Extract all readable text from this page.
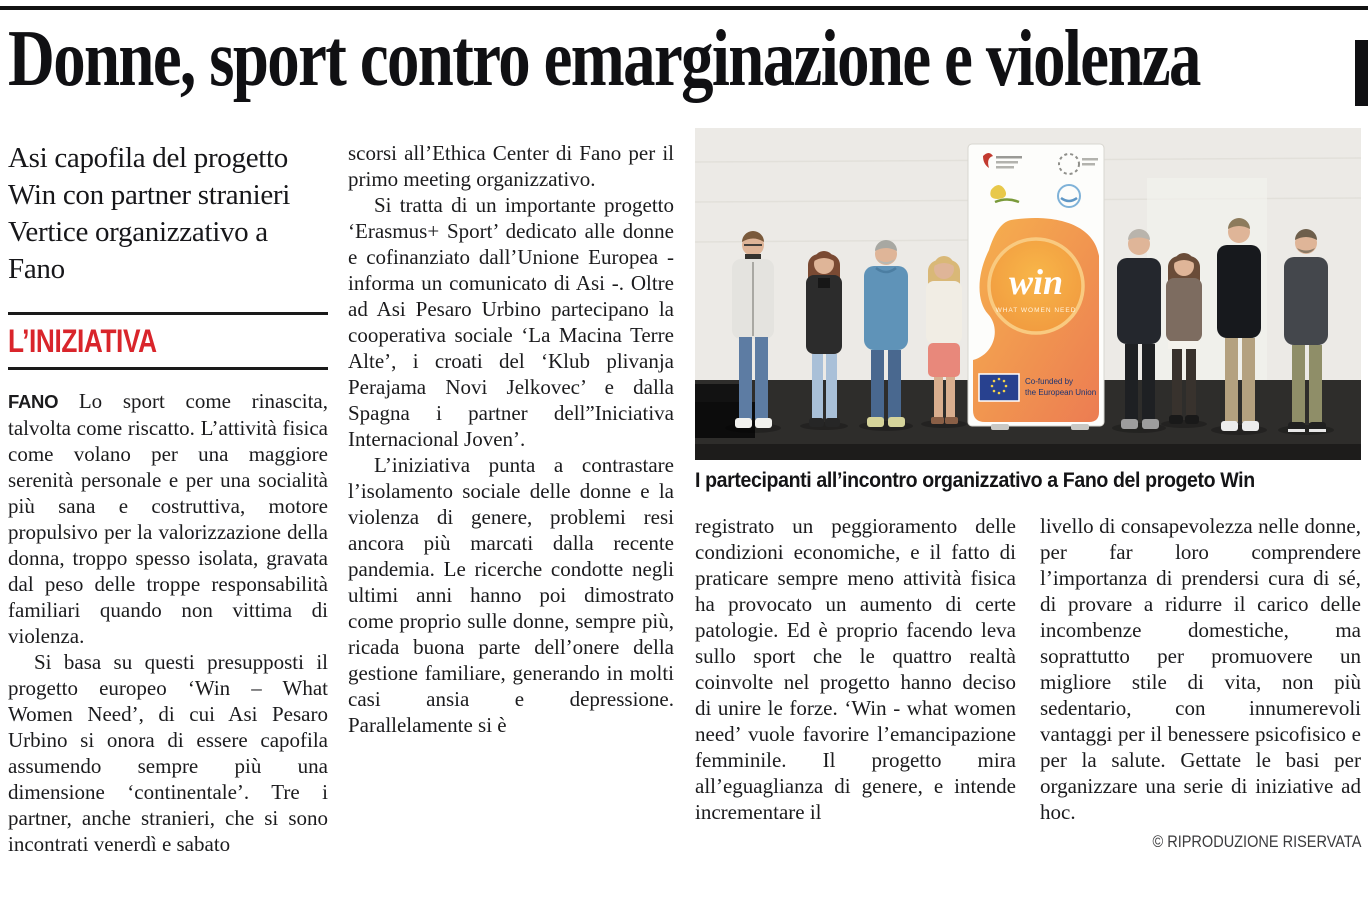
Donne, sport contro emarginazione e violenza
Asi capofila del progetto
Win con partner stranieri
Vertice organizzativo a Fano
L’INIZIATIVA

FANO Lo sport come rinascita, talvolta come riscatto. L’attività fisica come volano per una maggiore serenità personale e per una socialità più sana e costruttiva, motore propulsivo per la valorizzazione della donna, troppo spesso isolata, gravata dal peso delle troppe responsabilità familiari quando non vittima di violenza.

Si basa su questi presupposti il progetto europeo ‘Win – What Women Need’, di cui Asi Pesaro Urbino si onora di essere capofila assumendo sempre più una dimensione ‘continentale’. Tre i partner, anche stranieri, che si sono incontrati venerdì e sabato

scorsi all’Ethica Center di Fano per il primo meeting organizzativo.

Si tratta di un importante progetto ‘Erasmus+ Sport’ dedicato alle donne e cofinanziato dall’Unione Europea - informa un comunicato di Asi -. Oltre ad Asi Pesaro Urbino partecipano la cooperativa sociale ‘La Macina Terre Alte’, i croati del ‘Klub plivanja Perajama Novi Jelkovec’ e dalla Spagna i partner dell”Iniciativa Internacional Joven’.

L’iniziativa punta a contrastare l’isolamento sociale delle donne e la violenza di genere, problemi resi ancora più marcati dalla recente pandemia. Le ricerche condotte negli ultimi anni hanno poi dimostrato come proprio sulle donne, sempre più, ricada buona parte dell’onere della gestione familiare, generando in molti casi ansia e depressione. Parallelamente si è

win
WHAT WOMEN NEED
Co-funded by
the European Union
I partecipanti all’incontro organizzativo a Fano del progeto Win

registrato un peggioramento delle condizioni economiche, e il fatto di praticare sempre meno attività fisica ha provocato un aumento di certe patologie. Ed è proprio facendo leva sullo sport che le quattro realtà coinvolte nel progetto hanno deciso di unire le forze. ‘Win - what women need’ vuole favorire l’emancipazione femminile. Il progetto mira all’eguaglianza di genere, e intende incrementare il

livello di consapevolezza nelle donne, per far loro comprendere l’importanza di prendersi cura di sé, di provare a ridurre il carico delle incombenze domestiche, ma soprattutto per promuovere un migliore stile di vita, non più sedentario, con innumerevoli vantaggi per il benessere psicofisico e per la salute. Gettate le basi per organizzare una serie di iniziative ad hoc.

© RIPRODUZIONE RISERVATA
